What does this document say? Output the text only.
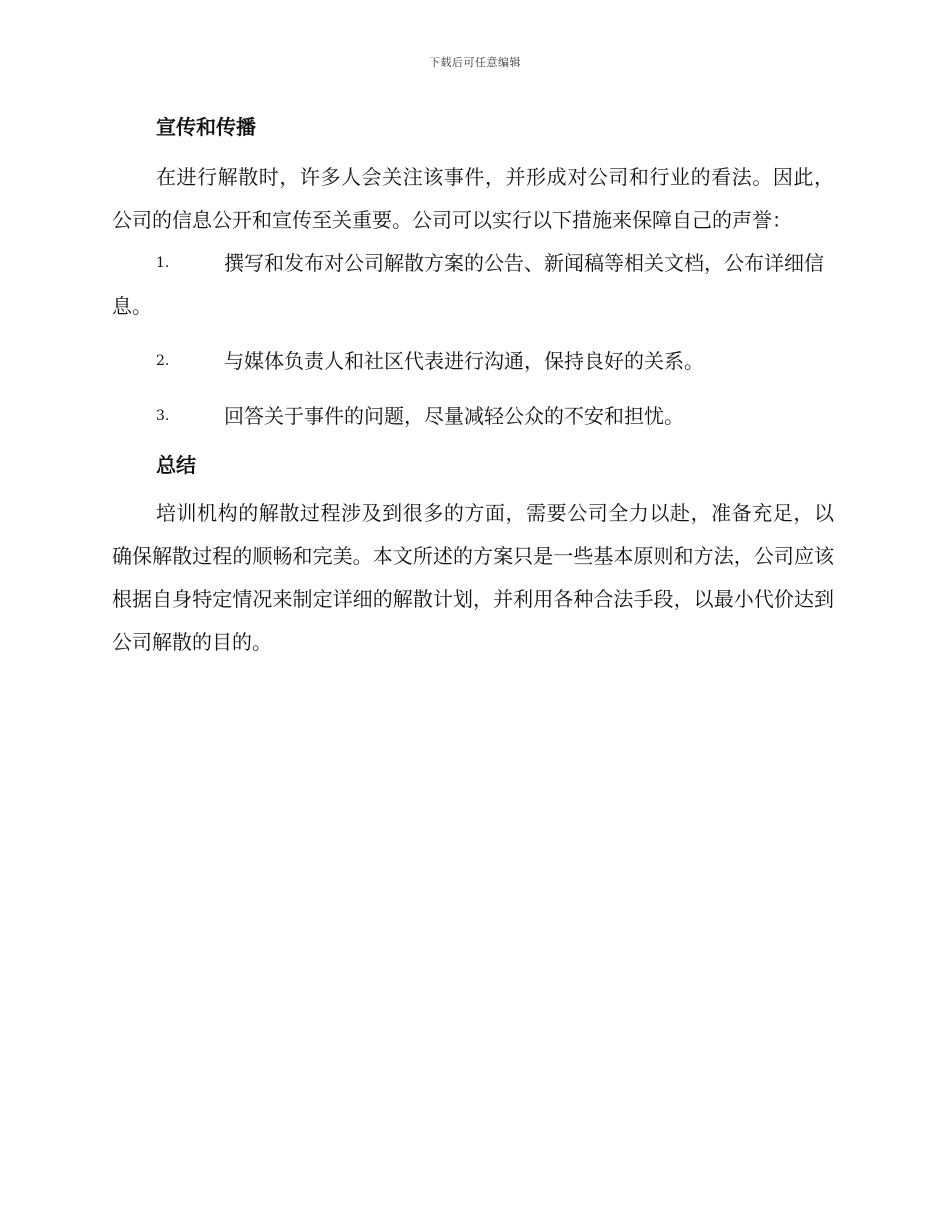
下载后可任意编辑
宣传和传播

在进行解散时，许多人会关注该事件，并形成对公司和行业的看法。因此，公司的信息公开和宣传至关重要。公司可以实行以下措施来保障自己的声誉：

1.	撰写和发布对公司解散方案的公告、新闻稿等相关文档，公布详细信息。
2.	与媒体负责人和社区代表进行沟通，保持良好的关系。
3.	回答关于事件的问题，尽量减轻公众的不安和担忧。
总结

培训机构的解散过程涉及到很多的方面，需要公司全力以赴，准备充足，以确保解散过程的顺畅和完美。本文所述的方案只是一些基本原则和方法，公司应该根据自身特定情况来制定详细的解散计划，并利用各种合法手段，以最小代价达到公司解散的目的。
